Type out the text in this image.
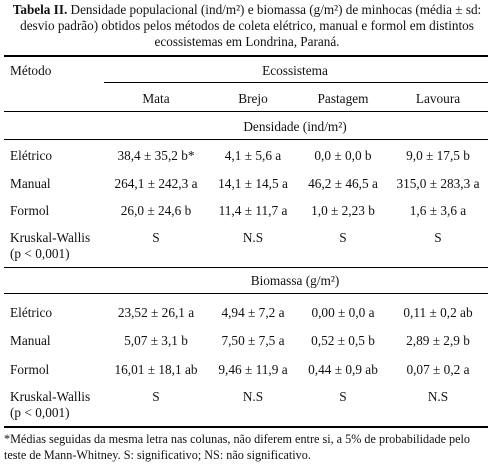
Tabela II. Densidade populacional (ind/m²) e biomassa (g/m²) de minhocas (média ± sd: desvio padrão) obtidos pelos métodos de coleta elétrico, manual e formol em distintos ecossistemas em Londrina, Paraná.
Método	Ecossistema
Mata	Brejo	Pastagem	Lavoura
Densidade (ind/m²)
Elétrico	38,4 ± 35,2 b*	4,1 ± 5,6 a	0,0 ± 0,0 b	9,0 ± 17,5 b
Manual	264,1 ± 242,3 a	14,1 ± 14,5 a	46,2 ± 46,5 a	315,0 ± 283,3 a
Formol	26,0 ± 24,6 b	11,4 ± 11,7 a	1,0 ± 2,23 b	1,6 ± 3,6 a
Kruskal-Wallis
(p < 0,001)
S	N.S	S	S
Biomassa (g/m²)
Elétrico	23,52 ± 26,1 a	4,94 ± 7,2 a	0,00 ± 0,0 a	0,11 ± 0,2 ab
Manual	5,07 ± 3,1 b	7,50 ± 7,5 a	0,52 ± 0,5 b	2,89 ± 2,9 b
Formol	16,01 ± 18,1 ab	9,46 ± 11,9 a	0,44 ± 0,9 ab	0,07 ± 0,2 a
Kruskal-Wallis
(p < 0,001)
S	N.S	S	N.S
*Médias seguidas da mesma letra nas colunas, não diferem entre si, a 5% de probabilidade pelo teste de Mann-Whitney. S: significativo; NS: não significativo.
